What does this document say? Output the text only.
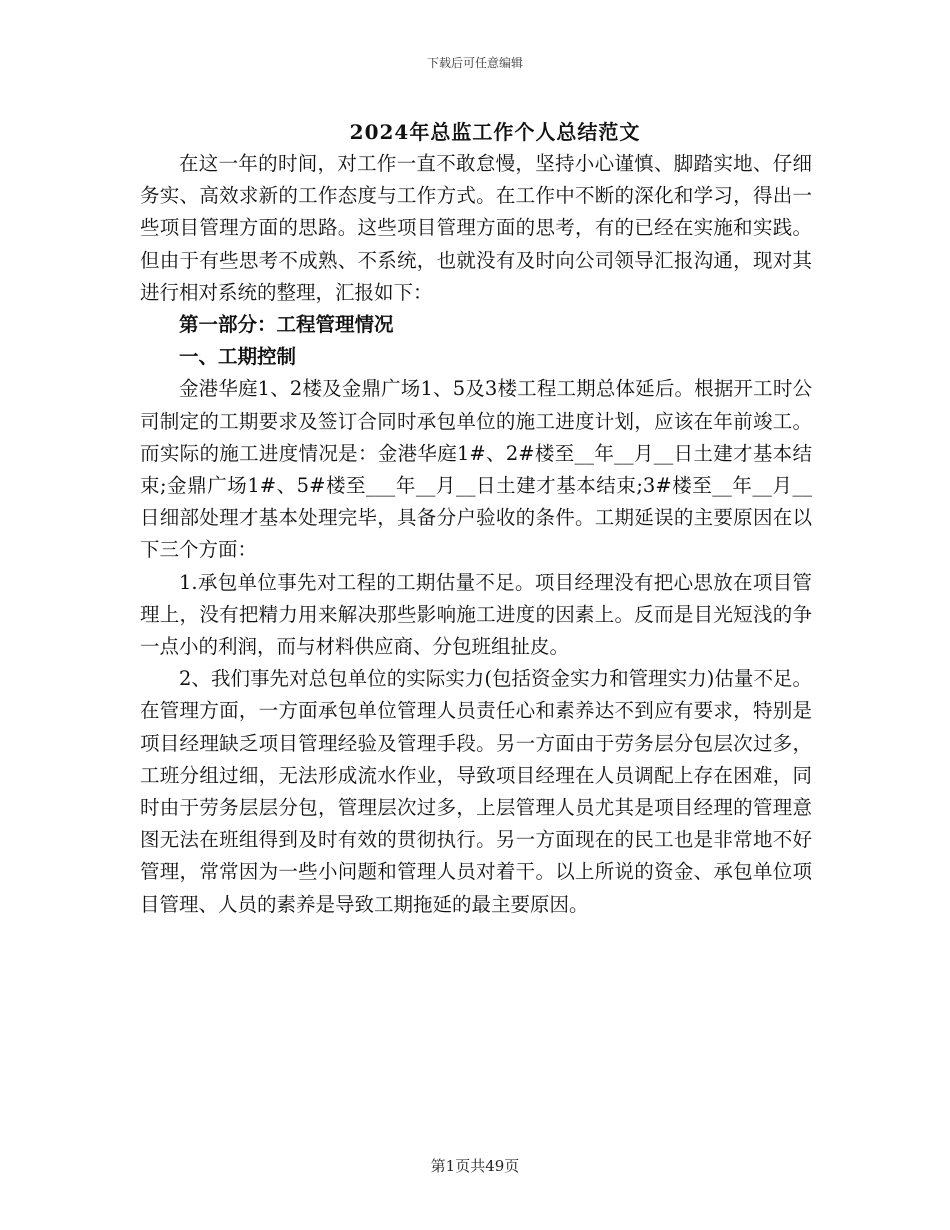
下载后可任意编辑
2024年总监工作个人总结范文

在这一年的时间，对工作一直不敢怠慢，坚持小心谨慎、脚踏实地、仔细务实、高效求新的工作态度与工作方式。在工作中不断的深化和学习，得出一些项目管理方面的思路。这些项目管理方面的思考，有的已经在实施和实践。但由于有些思考不成熟、不系统，也就没有及时向公司领导汇报沟通，现对其进行相对系统的整理，汇报如下：

第一部分：工程管理情况

一、工期控制

金港华庭1、2楼及金鼎广场1、5及3楼工程工期总体延后。根据开工时公司制定的工期要求及签订合同时承包单位的施工进度计划，应该在年前竣工。而实际的施工进度情况是：金港华庭1#、2#楼至__年__月__日土建才基本结束;金鼎广场1#、5#楼至___年__月__日土建才基本结束;3#楼至__年__月__日细部处理才基本处理完毕，具备分户验收的条件。工期延误的主要原因在以下三个方面：

1.承包单位事先对工程的工期估量不足。项目经理没有把心思放在项目管理上，没有把精力用来解决那些影响施工进度的因素上。反而是目光短浅的争一点小的利润，而与材料供应商、分包班组扯皮。

2、我们事先对总包单位的实际实力(包括资金实力和管理实力)估量不足。在管理方面，一方面承包单位管理人员责任心和素养达不到应有要求，特别是项目经理缺乏项目管理经验及管理手段。另一方面由于劳务层分包层次过多，工班分组过细，无法形成流水作业，导致项目经理在人员调配上存在困难，同时由于劳务层层分包，管理层次过多，上层管理人员尤其是项目经理的管理意图无法在班组得到及时有效的贯彻执行。另一方面现在的民工也是非常地不好管理，常常因为一些小问题和管理人员对着干。以上所说的资金、承包单位项目管理、人员的素养是导致工期拖延的最主要原因。

第1页共49页
